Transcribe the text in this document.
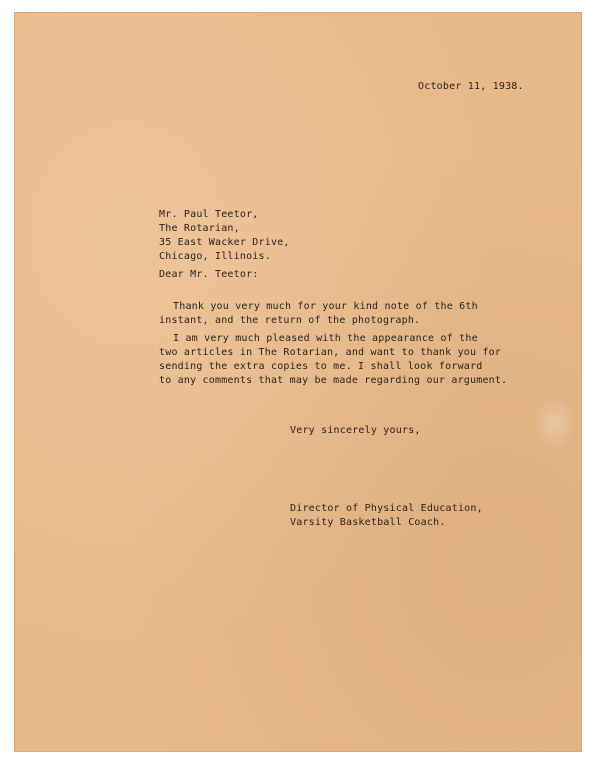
October 11, 1938.
Mr. Paul Teetor,
The Rotarian,
35 East Wacker Drive,
Chicago, Illinois.
Dear Mr. Teetor:
Thank you very much for your kind note of the 6th
instant, and the return of the photograph.
I am very much pleased with the appearance of the
two articles in The Rotarian, and want to thank you for
sending the extra copies to me. I shall look forward
to any comments that may be made regarding our argument.
Very sincerely yours,
Director of Physical Education,
Varsity Basketball Coach.
